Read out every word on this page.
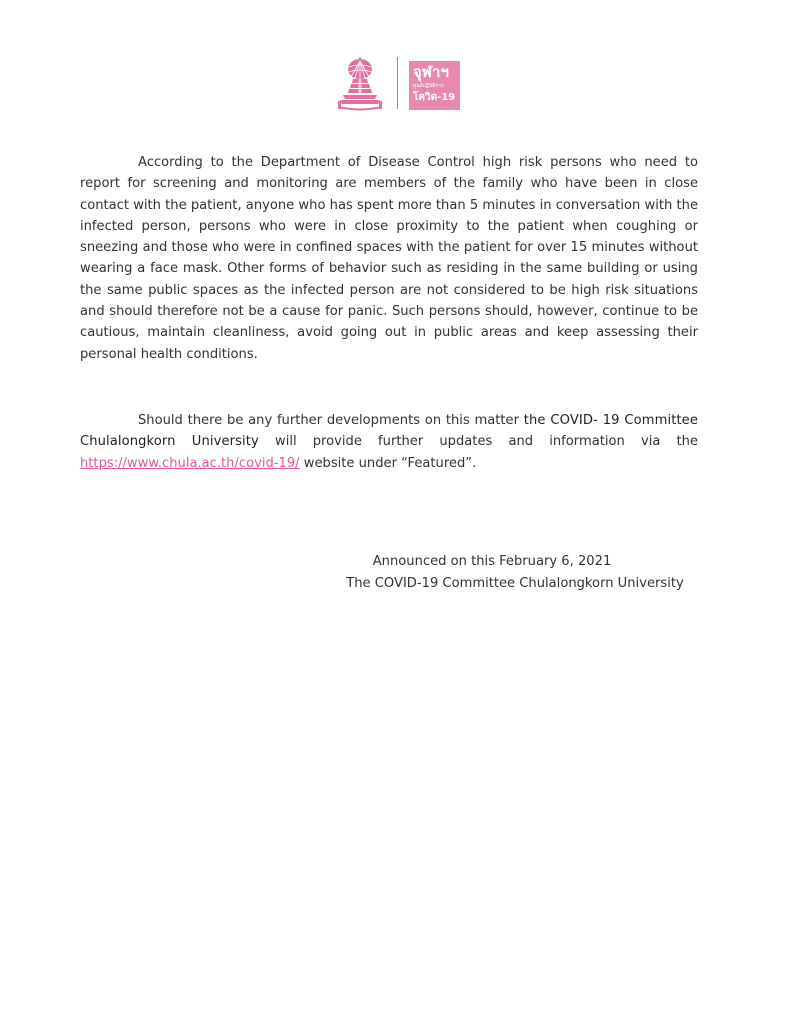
จุฬาฯ
ศูนย์ปฏิบัติการ
โควิด-19

According to the Department of Disease Control high risk persons who need to report for screening and monitoring are members of the family who have been in close contact with the patient, anyone who has spent more than 5 minutes in conversation with the infected person, persons who were in close proximity to the patient when coughing or sneezing and those who were in confined spaces with the patient for over 15 minutes without wearing a face mask. Other forms of behavior such as residing in the same building or using the same public spaces as the infected person are not considered to be high risk situations and should therefore not be a cause for panic. Such persons should, however, continue to be cautious, maintain cleanliness, avoid going out in public areas and keep assessing their personal health conditions.

Should there be any further developments on this matter the COVID- 19 Committee Chulalongkorn University will provide further updates and information via the https://www.chula.ac.th/covid-19/ website under “Featured”.

Announced on this February 6, 2021
The COVID-19 Committee Chulalongkorn University
